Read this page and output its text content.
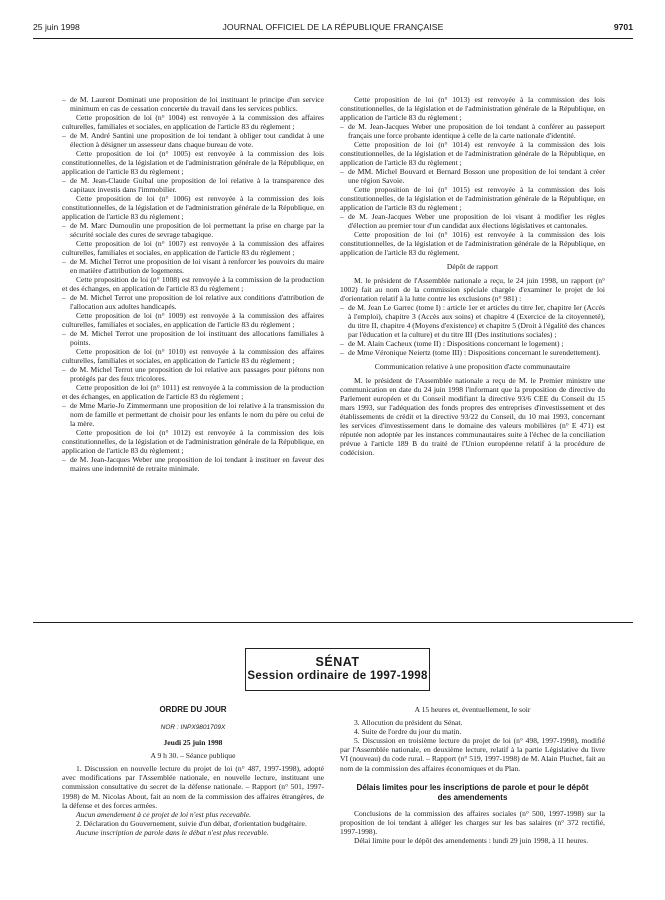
25 juin 1998	JOURNAL OFFICIEL DE LA RÉPUBLIQUE FRANÇAISE	9701

– de M. Laurent Dominati une proposition de loi instituant le principe d'un service minimum en cas de cessation concertée du travail dans les services publics.

Cette proposition de loi (n° 1004) est renvoyée à la commission des affaires culturelles, familiales et sociales, en application de l'article 83 du règlement ;

– de M. André Santini une proposition de loi tendant à obliger tout candidat à une élection à désigner un assesseur dans chaque bureau de vote.

Cette proposition de loi (n° 1005) est renvoyée à la commission des lois constitutionnelles, de la législation et de l'administration générale de la République, en application de l'article 83 du règlement ;

– de M. Jean-Claude Guibal une proposition de loi relative à la transparence des capitaux investis dans l'immobilier.

Cette proposition de loi (n° 1006) est renvoyée à la commission des lois constitutionnelles, de la législation et de l'administration générale de la République, en application de l'article 83 du règlement ;

– de M. Marc Dumoulin une proposition de loi permettant la prise en charge par la sécurité sociale des cures de sevrage tabagique.

Cette proposition de loi (n° 1007) est renvoyée à la commission des affaires culturelles, familiales et sociales, en application de l'article 83 du règlement ;

– de M. Michel Terrot une proposition de loi visant à renforcer les pouvoirs du maire en matière d'attribution de logements.

Cette proposition de loi (n° 1008) est renvoyée à la commission de la production et des échanges, en application de l'article 83 du règlement ;

– de M. Michel Terrot une proposition de loi relative aux conditions d'attribution de l'allocation aux adultes handicapés.

Cette proposition de loi (n° 1009) est renvoyée à la commission des affaires culturelles, familiales et sociales, en application de l'article 83 du règlement ;

– de M. Michel Terrot une proposition de loi instituant des allocations familiales à points.

Cette proposition de loi (n° 1010) est renvoyée à la commission des affaires culturelles, familiales et sociales, en application de l'article 83 du règlement ;

– de M. Michel Terrot une proposition de loi relative aux passages pour piétons non protégés par des feux tricolores.

Cette proposition de loi (n° 1011) est renvoyée à la commission de la production et des échanges, en application de l'article 83 du règlement ;

– de Mme Marie-Jo Zimmermann une proposition de loi relative à la transmission du nom de famille et permettant de choisir pour les enfants le nom du père ou celui de la mère.

Cette proposition de loi (n° 1012) est renvoyée à la commission des lois constitutionnelles, de la législation et de l'administration générale de la République, en application de l'article 83 du règlement ;

– de M. Jean-Jacques Weber une proposition de loi tendant à instituer en faveur des maires une indemnité de retraite minimale.

Cette proposition de loi (n° 1013) est renvoyée à la commission des lois constitutionnelles, de la législation et de l'administration générale de la République, en application de l'article 83 du règlement ;

– de M. Jean-Jacques Weber une proposition de loi tendant à conférer au passeport français une force probante identique à celle de la carte nationale d'identité.

Cette proposition de loi (n° 1014) est renvoyée à la commission des lois constitutionnelles, de la législation et de l'administration générale de la République, en application de l'article 83 du règlement ;

– de MM. Michel Bouvard et Bernard Bosson une proposition de loi tendant à créer une région Savoie.

Cette proposition de loi (n° 1015) est renvoyée à la commission des lois constitutionnelles, de la législation et de l'administration générale de la République, en application de l'article 83 du règlement ;

– de M. Jean-Jacques Weber une proposition de loi visant à modifier les règles d'élection au premier tour d'un candidat aux élections législatives et cantonales.

Cette proposition de loi (n° 1016) est renvoyée à la commission des lois constitutionnelles, de la législation et de l'administration générale de la République, en application de l'article 83 du règlement.

Dépôt de rapport

M. le président de l'Assemblée nationale a reçu, le 24 juin 1998, un rapport (n° 1002) fait au nom de la commission spéciale chargée d'examiner le projet de loi d'orientation relatif à la lutte contre les exclusions (n° 981) :

– de M. Jean Le Garrec (tome I) : article 1er et articles du titre Ier, chapitre Ier (Accès à l'emploi), chapitre 3 (Accès aux soins) et chapitre 4 (Exercice de la citoyenneté), du titre II, chapitre 4 (Moyens d'existence) et chapitre 5 (Droit à l'égalité des chances par l'éducation et la culture) et du titre III (Des institutions sociales) ;

– de M. Alain Cacheux (tome II) : Dispositions concernant le logement) ;

– de Mme Véronique Neiertz (tome III) : Dispositions concernant le surendettement).

Communication relative à une proposition d'acte communautaire

M. le président de l'Assemblée nationale a reçu de M. le Premier ministre une communication en date du 24 juin 1998 l'informant que la proposition de directive du Parlement européen et du Conseil modifiant la directive 93/6 CEE du Conseil du 15 mars 1993, sur l'adéquation des fonds propres des entreprises d'investissement et des établissements de crédit et la directive 93/22 du Conseil, du 10 mai 1993, concernant les services d'investissement dans le domaine des valeurs mobilières (n° E 471) est réputée non adoptée par les instances communautaires suite à l'échec de la conciliation prévue à l'article 189 B du traité de l'Union européenne relatif à la procédure de codécision.

SÉNAT
Session ordinaire de 1997-1998

ORDRE DU JOUR

NOR : INPX9801709X

Jeudi 25 juin 1998

A 9 h 30. – Séance publique

1. Discussion en nouvelle lecture du projet de loi (n° 487, 1997-1998), adopté avec modifications par l'Assemblée nationale, en nouvelle lecture, instituant une commission consultative du secret de la défense nationale. – Rapport (n° 501, 1997-1998) de M. Nicolas About, fait au nom de la commission des affaires étrangères, de la défense et des forces armées.

Aucun amendement à ce projet de loi n'est plus recevable.

2. Déclaration du Gouvernement, suivie d'un débat, d'orientation budgétaire.

Aucune inscription de parole dans le débat n'est plus recevable.

A 15 heures et, éventuellement, le soir

3. Allocution du président du Sénat.

4. Suite de l'ordre du jour du matin.

5. Discussion en troisième lecture du projet de loi (n° 498, 1997-1998), modifié par l'Assemblée nationale, en deuxième lecture, relatif à la partie Législative du livre VI (nouveau) du code rural. – Rapport (n° 519, 1997-1998) de M. Alain Pluchet, fait au nom de la commission des affaires économiques et du Plan.

Délais limites pour les inscriptions de parole et pour le dépôt des amendements

Conclusions de la commission des affaires sociales (n° 500, 1997-1998) sur la proposition de loi tendant à alléger les charges sur les bas salaires (n° 372 rectifié, 1997-1998).

Délai limite pour le dépôt des amendements : lundi 29 juin 1998, à 11 heures.
